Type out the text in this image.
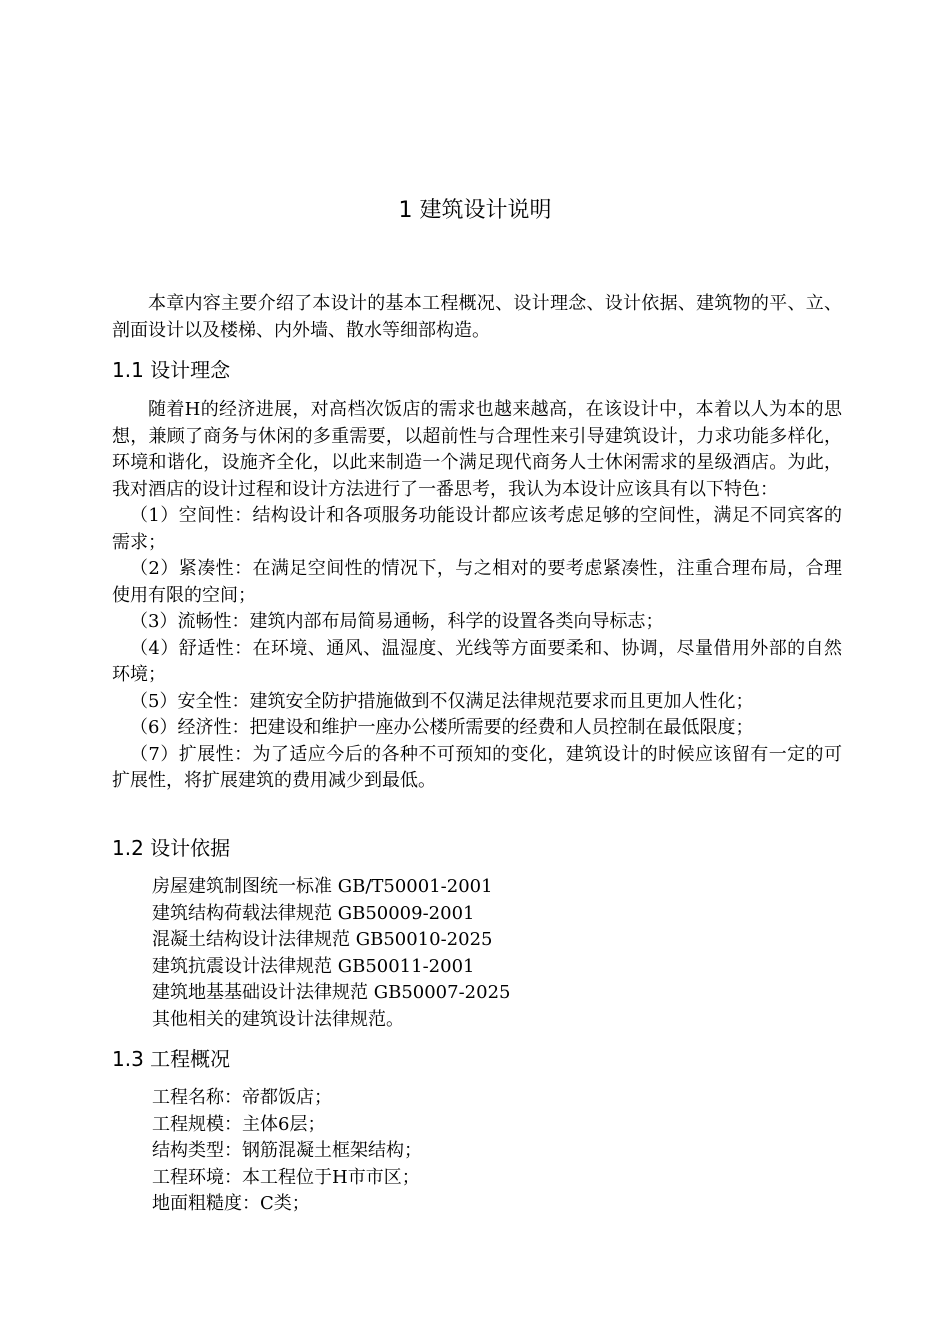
1 建筑设计说明

本章内容主要介绍了本设计的基本工程概况、设计理念、设计依据、建筑物的平、立、剖面设计以及楼梯、内外墙、散水等细部构造。

1.1 设计理念

随着H的经济进展，对高档次饭店的需求也越来越高，在该设计中，本着以人为本的思想，兼顾了商务与休闲的多重需要，以超前性与合理性来引导建筑设计，力求功能多样化，环境和谐化，设施齐全化，以此来制造一个满足现代商务人士休闲需求的星级酒店。为此，我对酒店的设计过程和设计方法进行了一番思考，我认为本设计应该具有以下特色：

（1）空间性：结构设计和各项服务功能设计都应该考虑足够的空间性，满足不同宾客的需求；

（2）紧凑性：在满足空间性的情况下，与之相对的要考虑紧凑性，注重合理布局，合理使用有限的空间；

（3）流畅性：建筑内部布局简易通畅，科学的设置各类向导标志；

（4）舒适性：在环境、通风、温湿度、光线等方面要柔和、协调，尽量借用外部的自然环境；

（5）安全性：建筑安全防护措施做到不仅满足法律规范要求而且更加人性化；

（6）经济性：把建设和维护一座办公楼所需要的经费和人员控制在最低限度；

（7）扩展性：为了适应今后的各种不可预知的变化，建筑设计的时候应该留有一定的可扩展性，将扩展建筑的费用减少到最低。

1.2 设计依据

房屋建筑制图统一标准 GB/T50001-2001

建筑结构荷载法律规范 GB50009-2001

混凝土结构设计法律规范 GB50010-2025

建筑抗震设计法律规范 GB50011-2001

建筑地基基础设计法律规范 GB50007-2025

其他相关的建筑设计法律规范。

1.3 工程概况

工程名称：帝都饭店；

工程规模：主体6层；

结构类型：钢筋混凝土框架结构；

工程环境：本工程位于H市市区；

地面粗糙度：C类；
